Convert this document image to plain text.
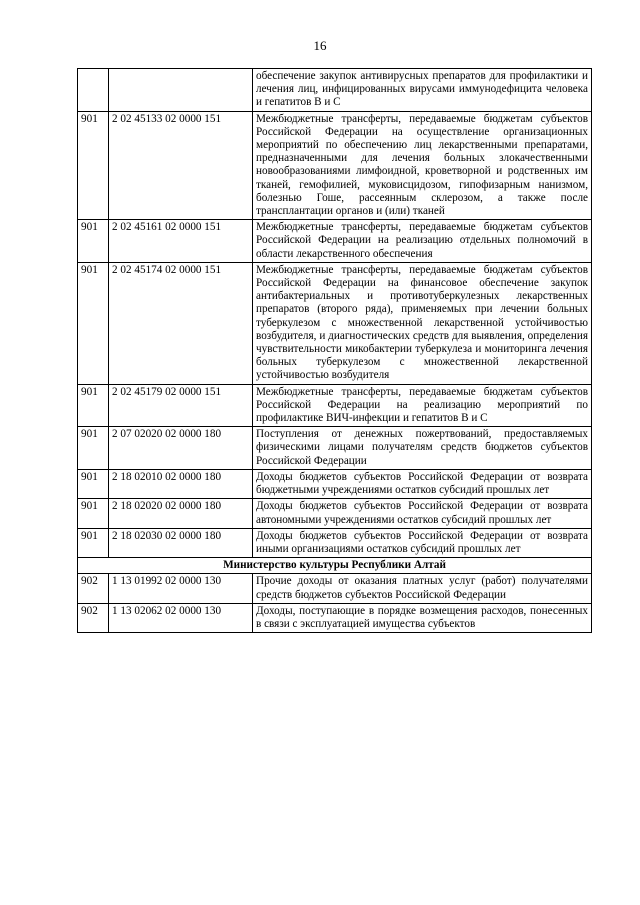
16
		обеспечение закупок антивирусных препаратов для профилактики и лечения лиц, инфицированных вирусами иммунодефицита человека и гепатитов В и С
901	2 02 45133 02 0000 151	Межбюджетные трансферты, передаваемые бюджетам субъектов Российской Федерации на осуществление организационных мероприятий по обеспечению лиц лекарственными препаратами, предназначенными для лечения больных злокачественными новообразованиями лимфоидной, кроветворной и родственных им тканей, гемофилией, муковисцидозом, гипофизарным нанизмом, болезнью Гоше, рассеянным склерозом, а также после трансплантации органов и (или) тканей
901	2 02 45161 02 0000 151	Межбюджетные трансферты, передаваемые бюджетам субъектов Российской Федерации на реализацию отдельных полномочий в области лекарственного обеспечения
901	2 02 45174 02 0000 151	Межбюджетные трансферты, передаваемые бюджетам субъектов Российской Федерации на финансовое обеспечение закупок антибактериальных и противотуберкулезных лекарственных препаратов (второго ряда), применяемых при лечении больных туберкулезом с множественной лекарственной устойчивостью возбудителя, и диагностических средств для выявления, определения чувствительности микобактерии туберкулеза и мониторинга лечения больных туберкулезом с множественной лекарственной устойчивостью возбудителя
901	2 02 45179 02 0000 151	Межбюджетные трансферты, передаваемые бюджетам субъектов Российской Федерации на реализацию мероприятий по профилактике ВИЧ-инфекции и гепатитов В и С
901	2 07 02020 02 0000 180	Поступления от денежных пожертвований, предоставляемых физическими лицами получателям средств бюджетов субъектов Российской Федерации
901	2 18 02010 02 0000 180	Доходы бюджетов субъектов Российской Федерации от возврата бюджетными учреждениями остатков субсидий прошлых лет
901	2 18 02020 02 0000 180	Доходы бюджетов субъектов Российской Федерации от возврата автономными учреждениями остатков субсидий прошлых лет
901	2 18 02030 02 0000 180	Доходы бюджетов субъектов Российской Федерации от возврата иными организациями остатков субсидий прошлых лет
Министерство культуры Республики Алтай		
902	1 13 01992 02 0000 130	Прочие доходы от оказания платных услуг (работ) получателями средств бюджетов субъектов Российской Федерации
902	1 13 02062 02 0000 130	Доходы, поступающие в порядке возмещения расходов, понесенных в связи с эксплуатацией имущества субъектов
